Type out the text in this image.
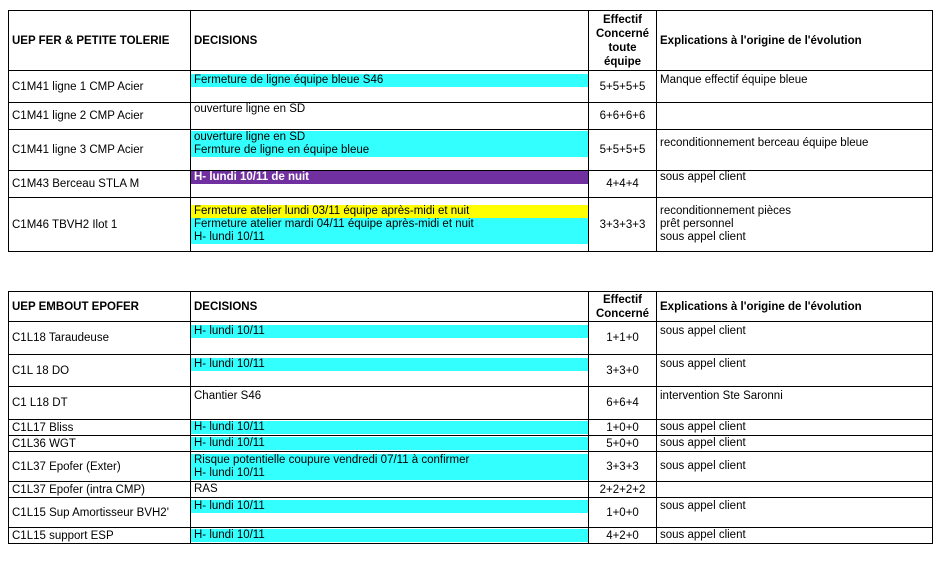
UEP FER & PETITE TOLERIE	DECISIONS	Effectif
Concerné
toute
équipe	Explications à l'origine de l'évolution
C1M41 ligne 1 CMP Acier	Fermeture de ligne équipe bleue S46	5+5+5+5	Manque effectif équipe bleue

C1M41 ligne 2 CMP Acier	ouverture ligne en SD	6+6+6+6	

C1M41 ligne 3 CMP Acier	ouverture ligne en SD
Fermture de ligne en équipe bleue	5+5+5+5	reconditionnement berceau équipe bleue

C1M43 Berceau STLA M	H- lundi 10/11 de nuit	4+4+4	sous appel client

C1M46 TBVH2 Ilot 1	Fermeture atelier lundi 03/11 équipe après-midi et nuit
Fermeture atelier mardi 04/11 équipe après-midi et nuit
H- lundi 10/11	3+3+3+3	reconditionnement pièces
prêt personnel
sous appel client
UEP EMBOUT EPOFER	DECISIONS	Effectif
Concerné	Explications à l'origine de l'évolution
C1L18 Taraudeuse	H- lundi 10/11	1+1+0	sous appel client

C1L 18 DO	H- lundi 10/11	3+3+0	sous appel client

C1 L18 DT	Chantier S46	6+6+4	intervention Ste Saronni

C1L17 Bliss	H- lundi 10/11	1+0+0	sous appel client

C1L36 WGT	H- lundi 10/11	5+0+0	sous appel client

C1L37 Epofer (Exter)	Risque potentielle coupure vendredi 07/11 à confirmer
H- lundi 10/11	3+3+3	sous appel client

C1L37 Epofer (intra CMP)	RAS	2+2+2+2	

C1L15 Sup Amortisseur BVH2'	H- lundi 10/11	1+0+0	sous appel client

C1L15 support ESP	H- lundi 10/11	4+2+0	sous appel client
